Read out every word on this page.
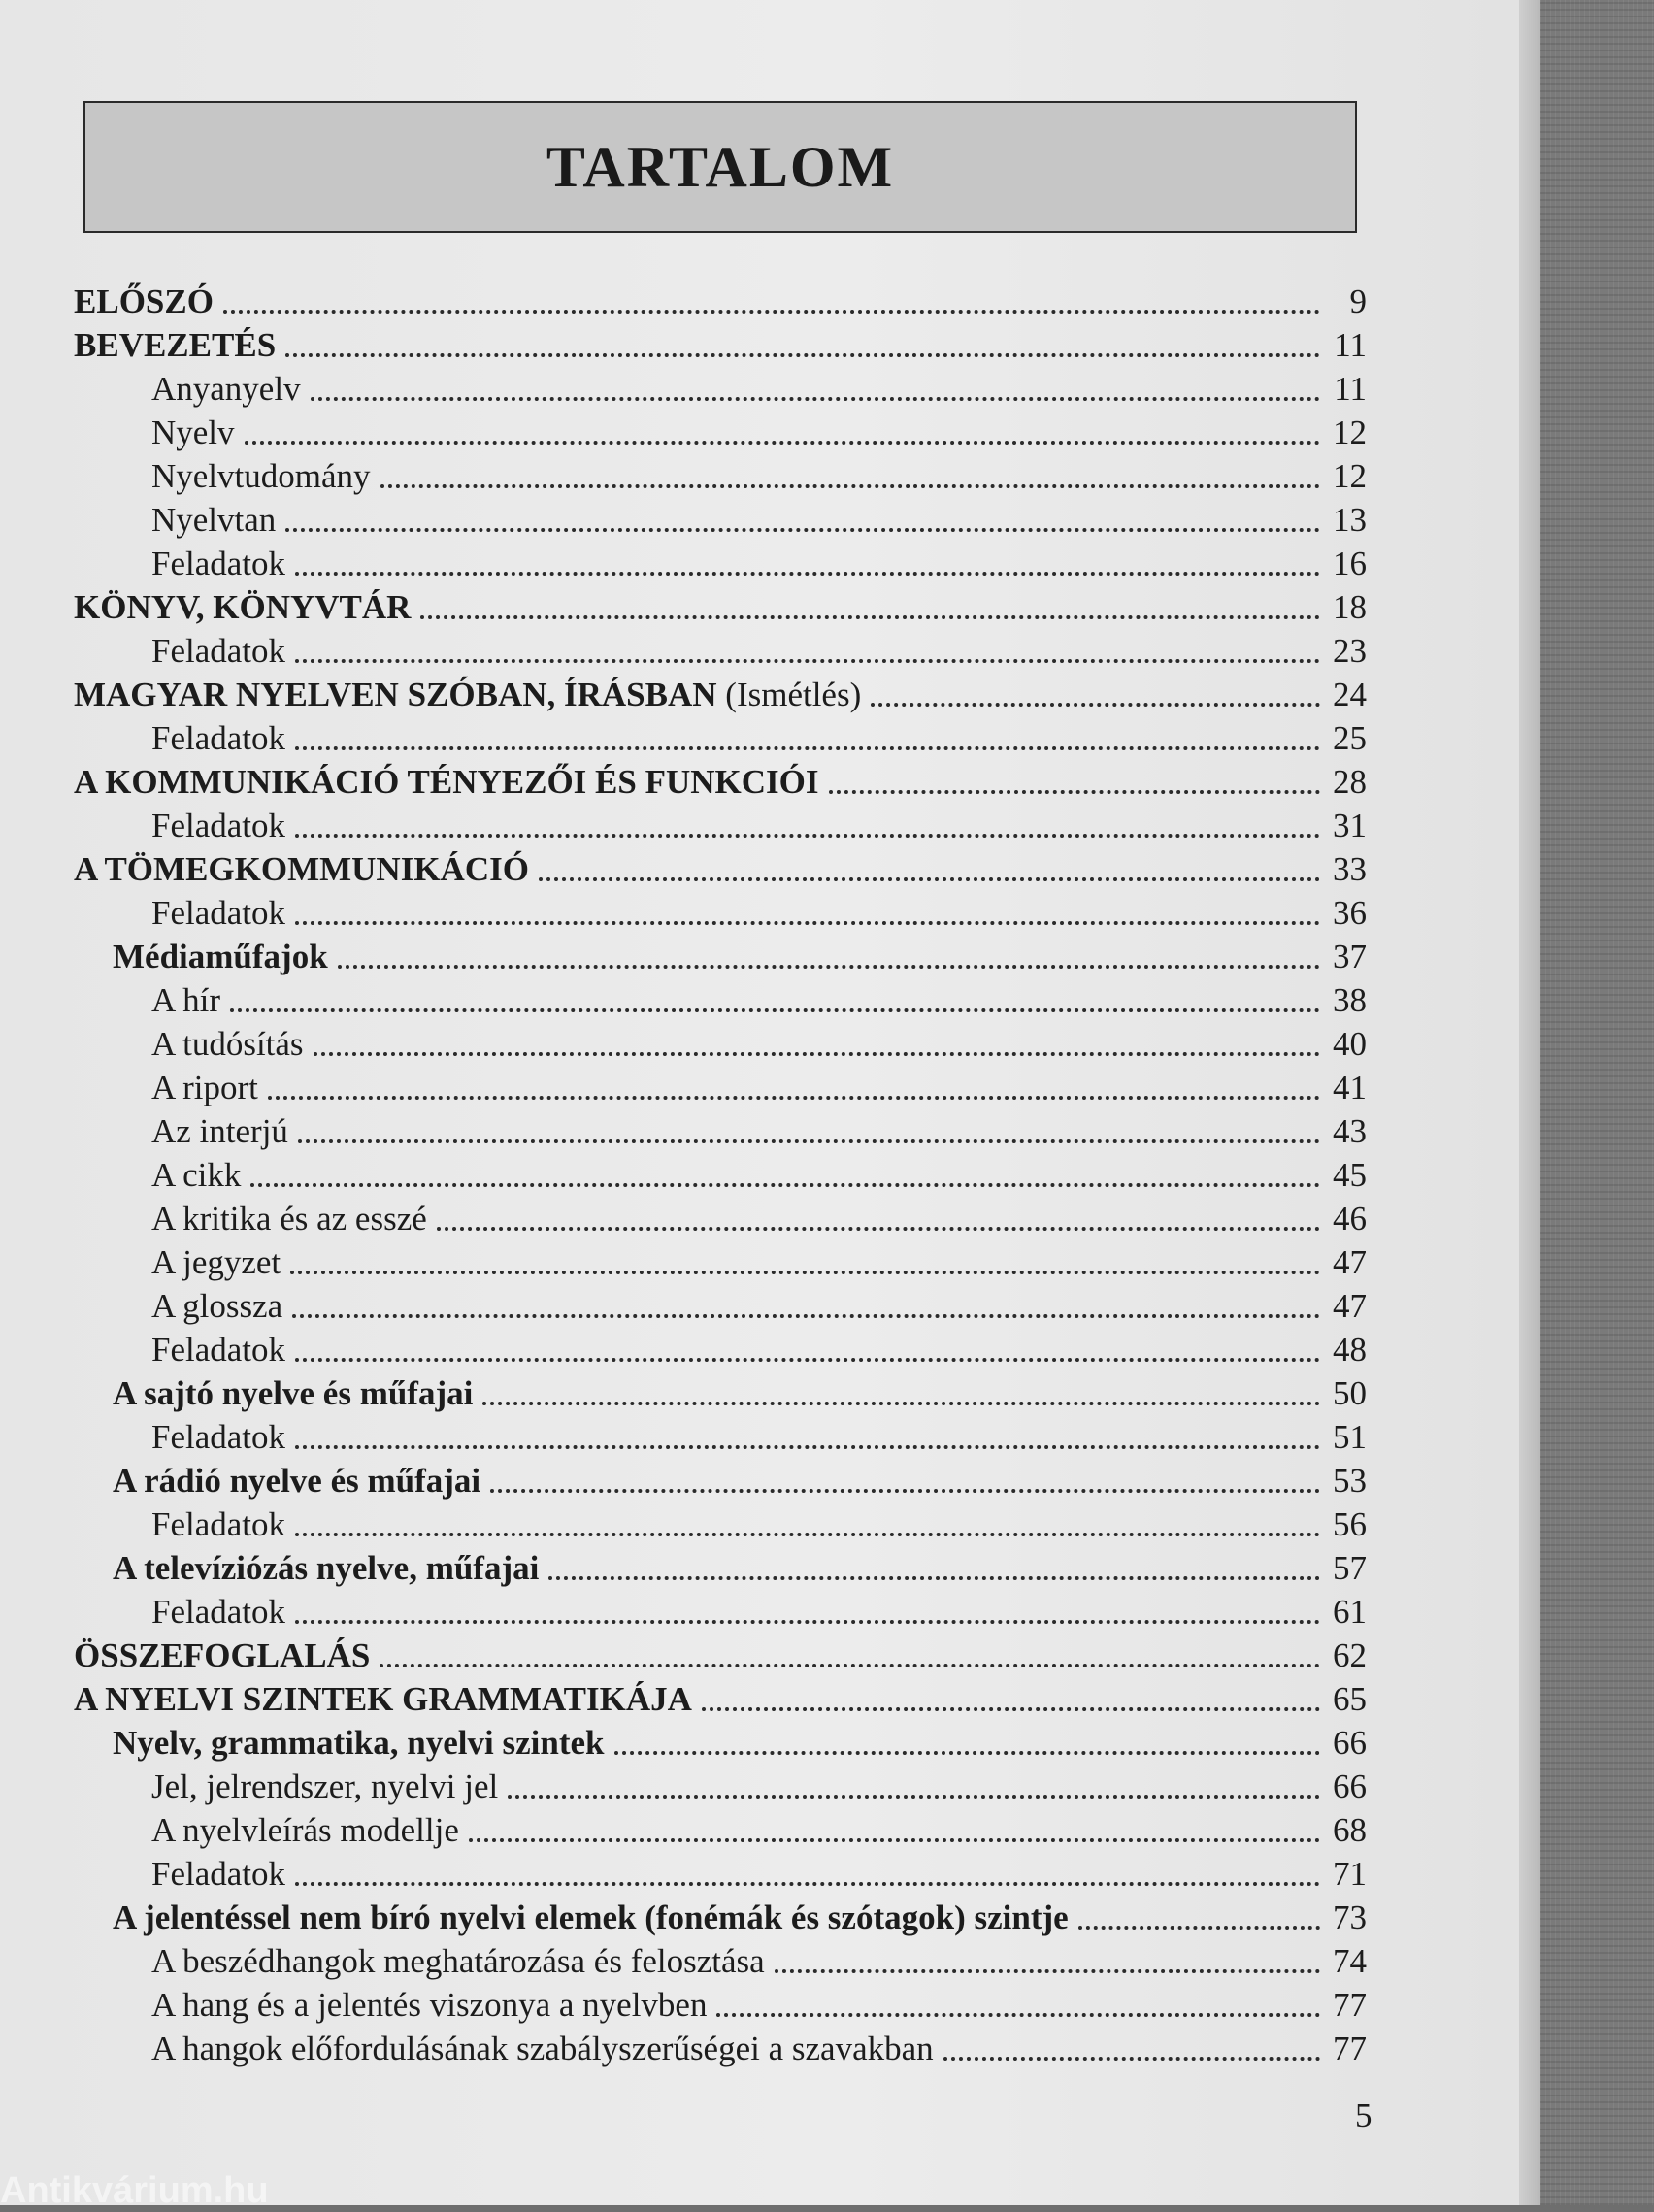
TARTALOM
ELŐSZÓ	9
BEVEZETÉS	11
Anyanyelv	11
Nyelv	12
Nyelvtudomány	12
Nyelvtan	13
Feladatok	16
KÖNYV, KÖNYVTÁR	18
Feladatok	23
MAGYAR NYELVEN SZÓBAN, ÍRÁSBAN (Ismétlés)	24
Feladatok	25
A KOMMUNIKÁCIÓ TÉNYEZŐI ÉS FUNKCIÓI	28
Feladatok	31
A TÖMEGKOMMUNIKÁCIÓ	33
Feladatok	36
Médiaműfajok	37
A hír	38
A tudósítás	40
A riport	41
Az interjú	43
A cikk	45
A kritika és az esszé	46
A jegyzet	47
A glossza	47
Feladatok	48
A sajtó nyelve és műfajai	50
Feladatok	51
A rádió nyelve és műfajai	53
Feladatok	56
A televíziózás nyelve, műfajai	57
Feladatok	61
ÖSSZEFOGLALÁS	62
A NYELVI SZINTEK GRAMMATIKÁJA	65
Nyelv, grammatika, nyelvi szintek	66
Jel, jelrendszer, nyelvi jel	66
A nyelvleírás modellje	68
Feladatok	71
A jelentéssel nem bíró nyelvi elemek (fonémák és szótagok) szintje	73
A beszédhangok meghatározása és felosztása	74
A hang és a jelentés viszonya a nyelvben	77
A hangok előfordulásának szabályszerűségei a szavakban	77
5
Antikvárium.hu
